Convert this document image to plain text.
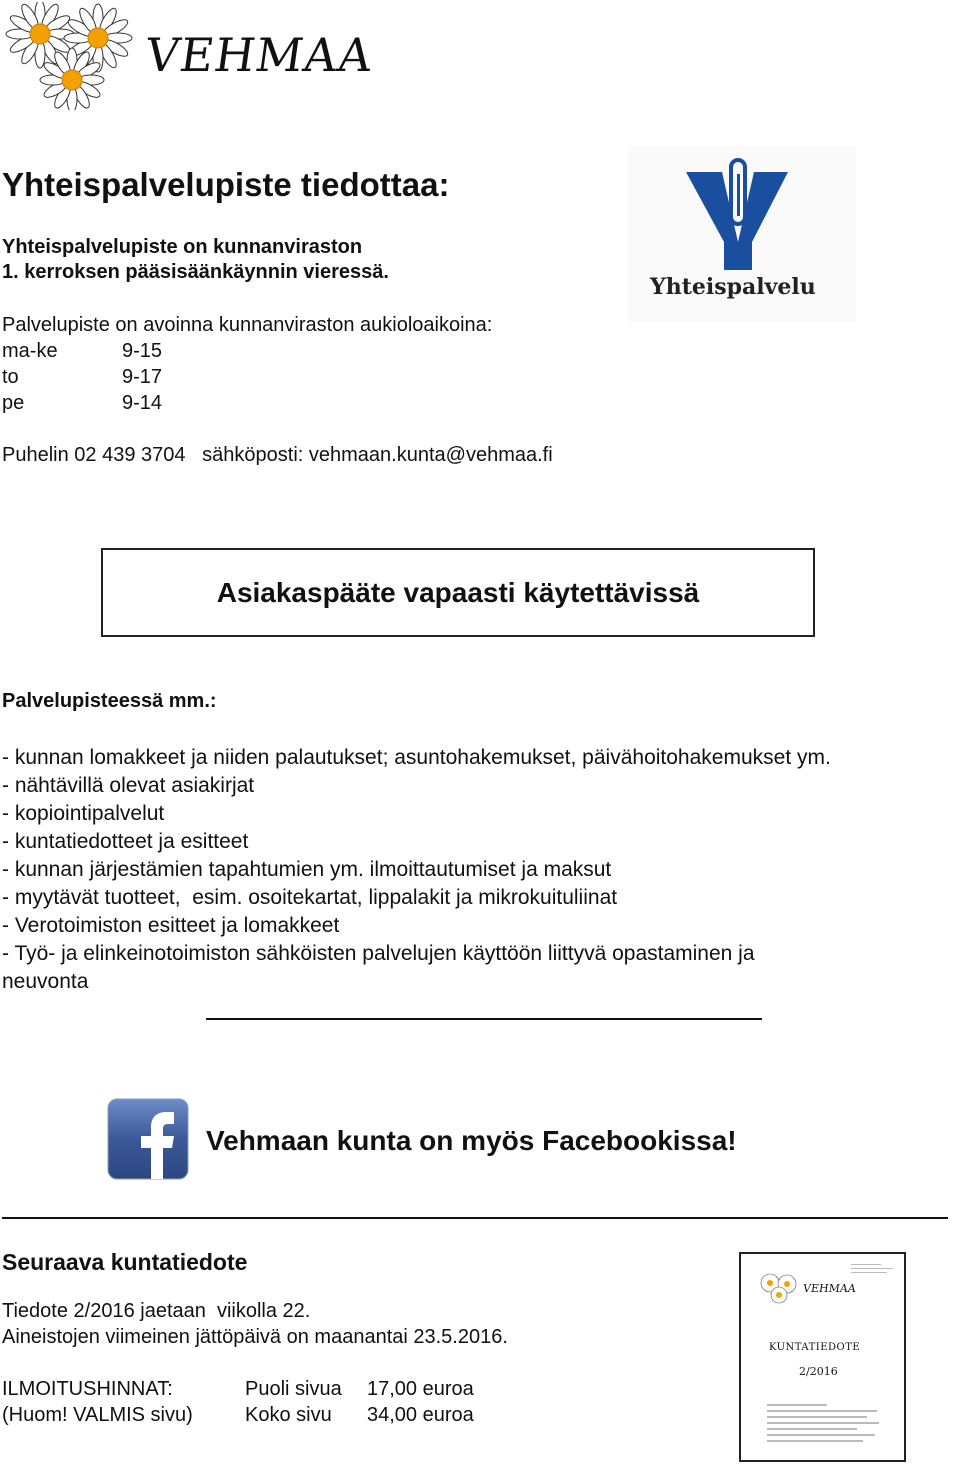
VEHMAA
Yhteispalvelupiste tiedottaa:
Yhteispalvelupiste on kunnanviraston
1. kerroksen pääsisäänkäynnin vieressä.
Palvelupiste on avoinna kunnanviraston aukioloaikoina:
ma-ke	9-15
to	9-17
pe	9-14
Puhelin 02 439 3704   sähköposti: vehmaan.kunta@vehmaa.fi
Yhteispalvelu
Asiakaspääte vapaasti käytettävissä
Palvelupisteessä mm.:
- kunnan lomakkeet ja niiden palautukset; asuntohakemukset, päivähoitohakemukset ym.
- nähtävillä olevat asiakirjat
- kopiointipalvelut
- kuntatiedotteet ja esitteet
- kunnan järjestämien tapahtumien ym. ilmoittautumiset ja maksut
- myytävät tuotteet,  esim. osoitekartat, lippalakit ja mikrokuituliinat
- Verotoimiston esitteet ja lomakkeet
- Työ- ja elinkeinotoimiston sähköisten palvelujen käyttöön liittyvä opastaminen ja
neuvonta
Vehmaan kunta on myös Facebookissa!
Seuraava kuntatiedote
Tiedote 2/2016 jaetaan  viikolla 22.
Aineistojen viimeinen jättöpäivä on maanantai 23.5.2016.
ILMOITUSHINNAT:	Puoli sivua 17,00 euroa
(Huom! VALMIS sivu)	Koko sivu 34,00 euroa
VEHMAA
KUNTATIEDOTE
2/2016
